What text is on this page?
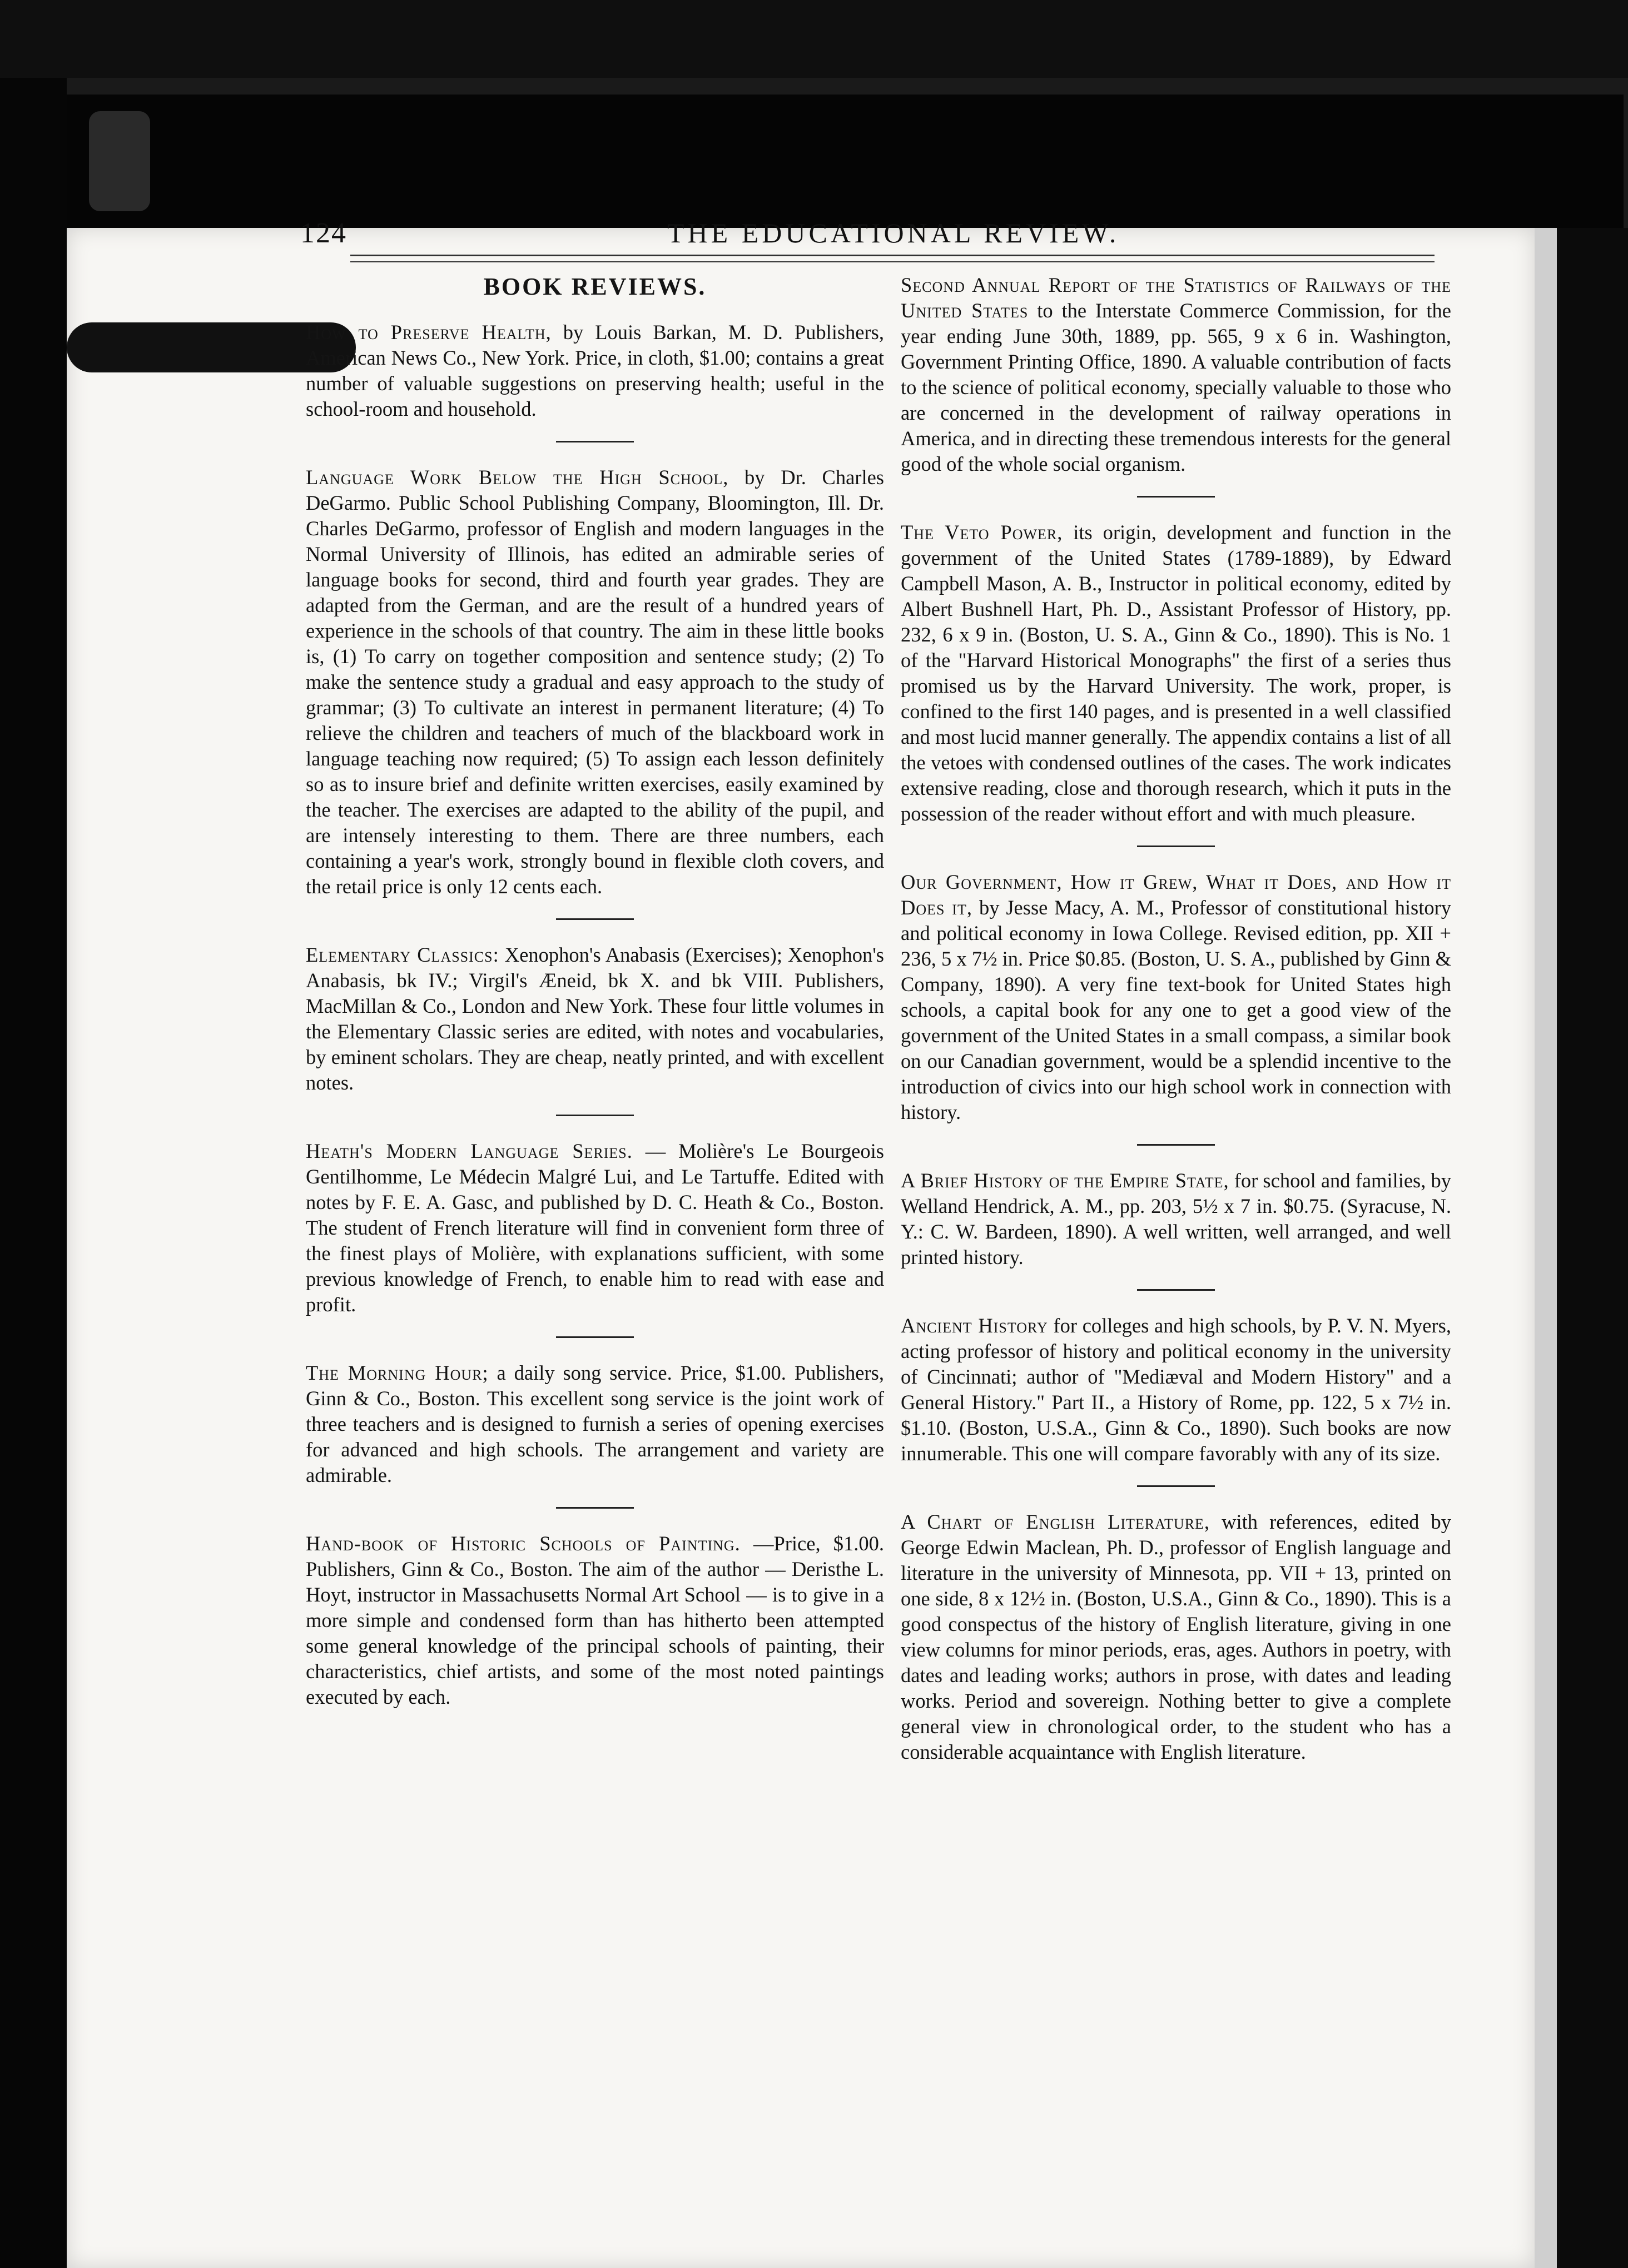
124	THE EDUCATIONAL REVIEW.
BOOK REVIEWS.

How to Preserve Health, by Louis Barkan, M. D. Publishers, American News Co., New York. Price, in cloth, $1.00; contains a great number of valuable suggestions on preserving health; useful in the school-room and household.

Language Work Below the High School, by Dr. Charles DeGarmo. Public School Publishing Company, Bloomington, Ill. Dr. Charles DeGarmo, professor of English and modern languages in the Normal University of Illinois, has edited an admirable series of language books for second, third and fourth year grades. They are adapted from the German, and are the result of a hundred years of experience in the schools of that country. The aim in these little books is, (1) To carry on together composition and sentence study; (2) To make the sentence study a gradual and easy approach to the study of grammar; (3) To cultivate an interest in permanent literature; (4) To relieve the children and teachers of much of the blackboard work in language teaching now required; (5) To assign each lesson definitely so as to insure brief and definite written exercises, easily examined by the teacher. The exercises are adapted to the ability of the pupil, and are intensely interesting to them. There are three numbers, each containing a year's work, strongly bound in flexible cloth covers, and the retail price is only 12 cents each.

Elementary Classics: Xenophon's Anabasis (Exercises); Xenophon's Anabasis, bk IV.; Virgil's Æneid, bk X. and bk VIII. Publishers, MacMillan & Co., London and New York. These four little volumes in the Elementary Classic series are edited, with notes and vocabularies, by eminent scholars. They are cheap, neatly printed, and with excellent notes.

Heath's Modern Language Series. — Molière's Le Bourgeois Gentilhomme, Le Médecin Malgré Lui, and Le Tartuffe. Edited with notes by F. E. A. Gasc, and published by D. C. Heath & Co., Boston. The student of French literature will find in convenient form three of the finest plays of Molière, with explanations sufficient, with some previous knowledge of French, to enable him to read with ease and profit.

The Morning Hour; a daily song service. Price, $1.00. Publishers, Ginn & Co., Boston. This excellent song service is the joint work of three teachers and is designed to furnish a series of opening exercises for advanced and high schools. The arrangement and variety are admirable.

Hand-book of Historic Schools of Painting. —Price, $1.00. Publishers, Ginn & Co., Boston. The aim of the author — Deristhe L. Hoyt, instructor in Massachusetts Normal Art School — is to give in a more simple and condensed form than has hitherto been attempted some general knowledge of the principal schools of painting, their characteristics, chief artists, and some of the most noted paintings executed by each.

Second Annual Report of the Statistics of Railways of the United States to the Interstate Commerce Commission, for the year ending June 30th, 1889, pp. 565, 9 x 6 in. Washington, Government Printing Office, 1890. A valuable contribution of facts to the science of political economy, specially valuable to those who are concerned in the development of railway operations in America, and in directing these tremendous interests for the general good of the whole social organism.

The Veto Power, its origin, development and function in the government of the United States (1789-1889), by Edward Campbell Mason, A. B., Instructor in political economy, edited by Albert Bushnell Hart, Ph. D., Assistant Professor of History, pp. 232, 6 x 9 in. (Boston, U. S. A., Ginn & Co., 1890). This is No. 1 of the "Harvard Historical Monographs" the first of a series thus promised us by the Harvard University. The work, proper, is confined to the first 140 pages, and is presented in a well classified and most lucid manner generally. The appendix contains a list of all the vetoes with condensed outlines of the cases. The work indicates extensive reading, close and thorough research, which it puts in the possession of the reader without effort and with much pleasure.

Our Government, How it Grew, What it Does, and How it Does it, by Jesse Macy, A. M., Professor of constitutional history and political economy in Iowa College. Revised edition, pp. XII + 236, 5 x 7½ in. Price $0.85. (Boston, U. S. A., published by Ginn & Company, 1890). A very fine text-book for United States high schools, a capital book for any one to get a good view of the government of the United States in a small compass, a similar book on our Canadian government, would be a splendid incentive to the introduction of civics into our high school work in connection with history.

A Brief History of the Empire State, for school and families, by Welland Hendrick, A. M., pp. 203, 5½ x 7 in. $0.75. (Syracuse, N. Y.: C. W. Bardeen, 1890). A well written, well arranged, and well printed history.

Ancient History for colleges and high schools, by P. V. N. Myers, acting professor of history and political economy in the university of Cincinnati; author of "Mediæval and Modern History" and a General History." Part II., a History of Rome, pp. 122, 5 x 7½ in. $1.10. (Boston, U.S.A., Ginn & Co., 1890). Such books are now innumerable. This one will compare favorably with any of its size.

A Chart of English Literature, with references, edited by George Edwin Maclean, Ph. D., professor of English language and literature in the university of Minnesota, pp. VII + 13, printed on one side, 8 x 12½ in. (Boston, U.S.A., Ginn & Co., 1890). This is a good conspectus of the history of English literature, giving in one view columns for minor periods, eras, ages. Authors in poetry, with dates and leading works; authors in prose, with dates and leading works. Period and sovereign. Nothing better to give a complete general view in chronological order, to the student who has a considerable acquaintance with English literature.
